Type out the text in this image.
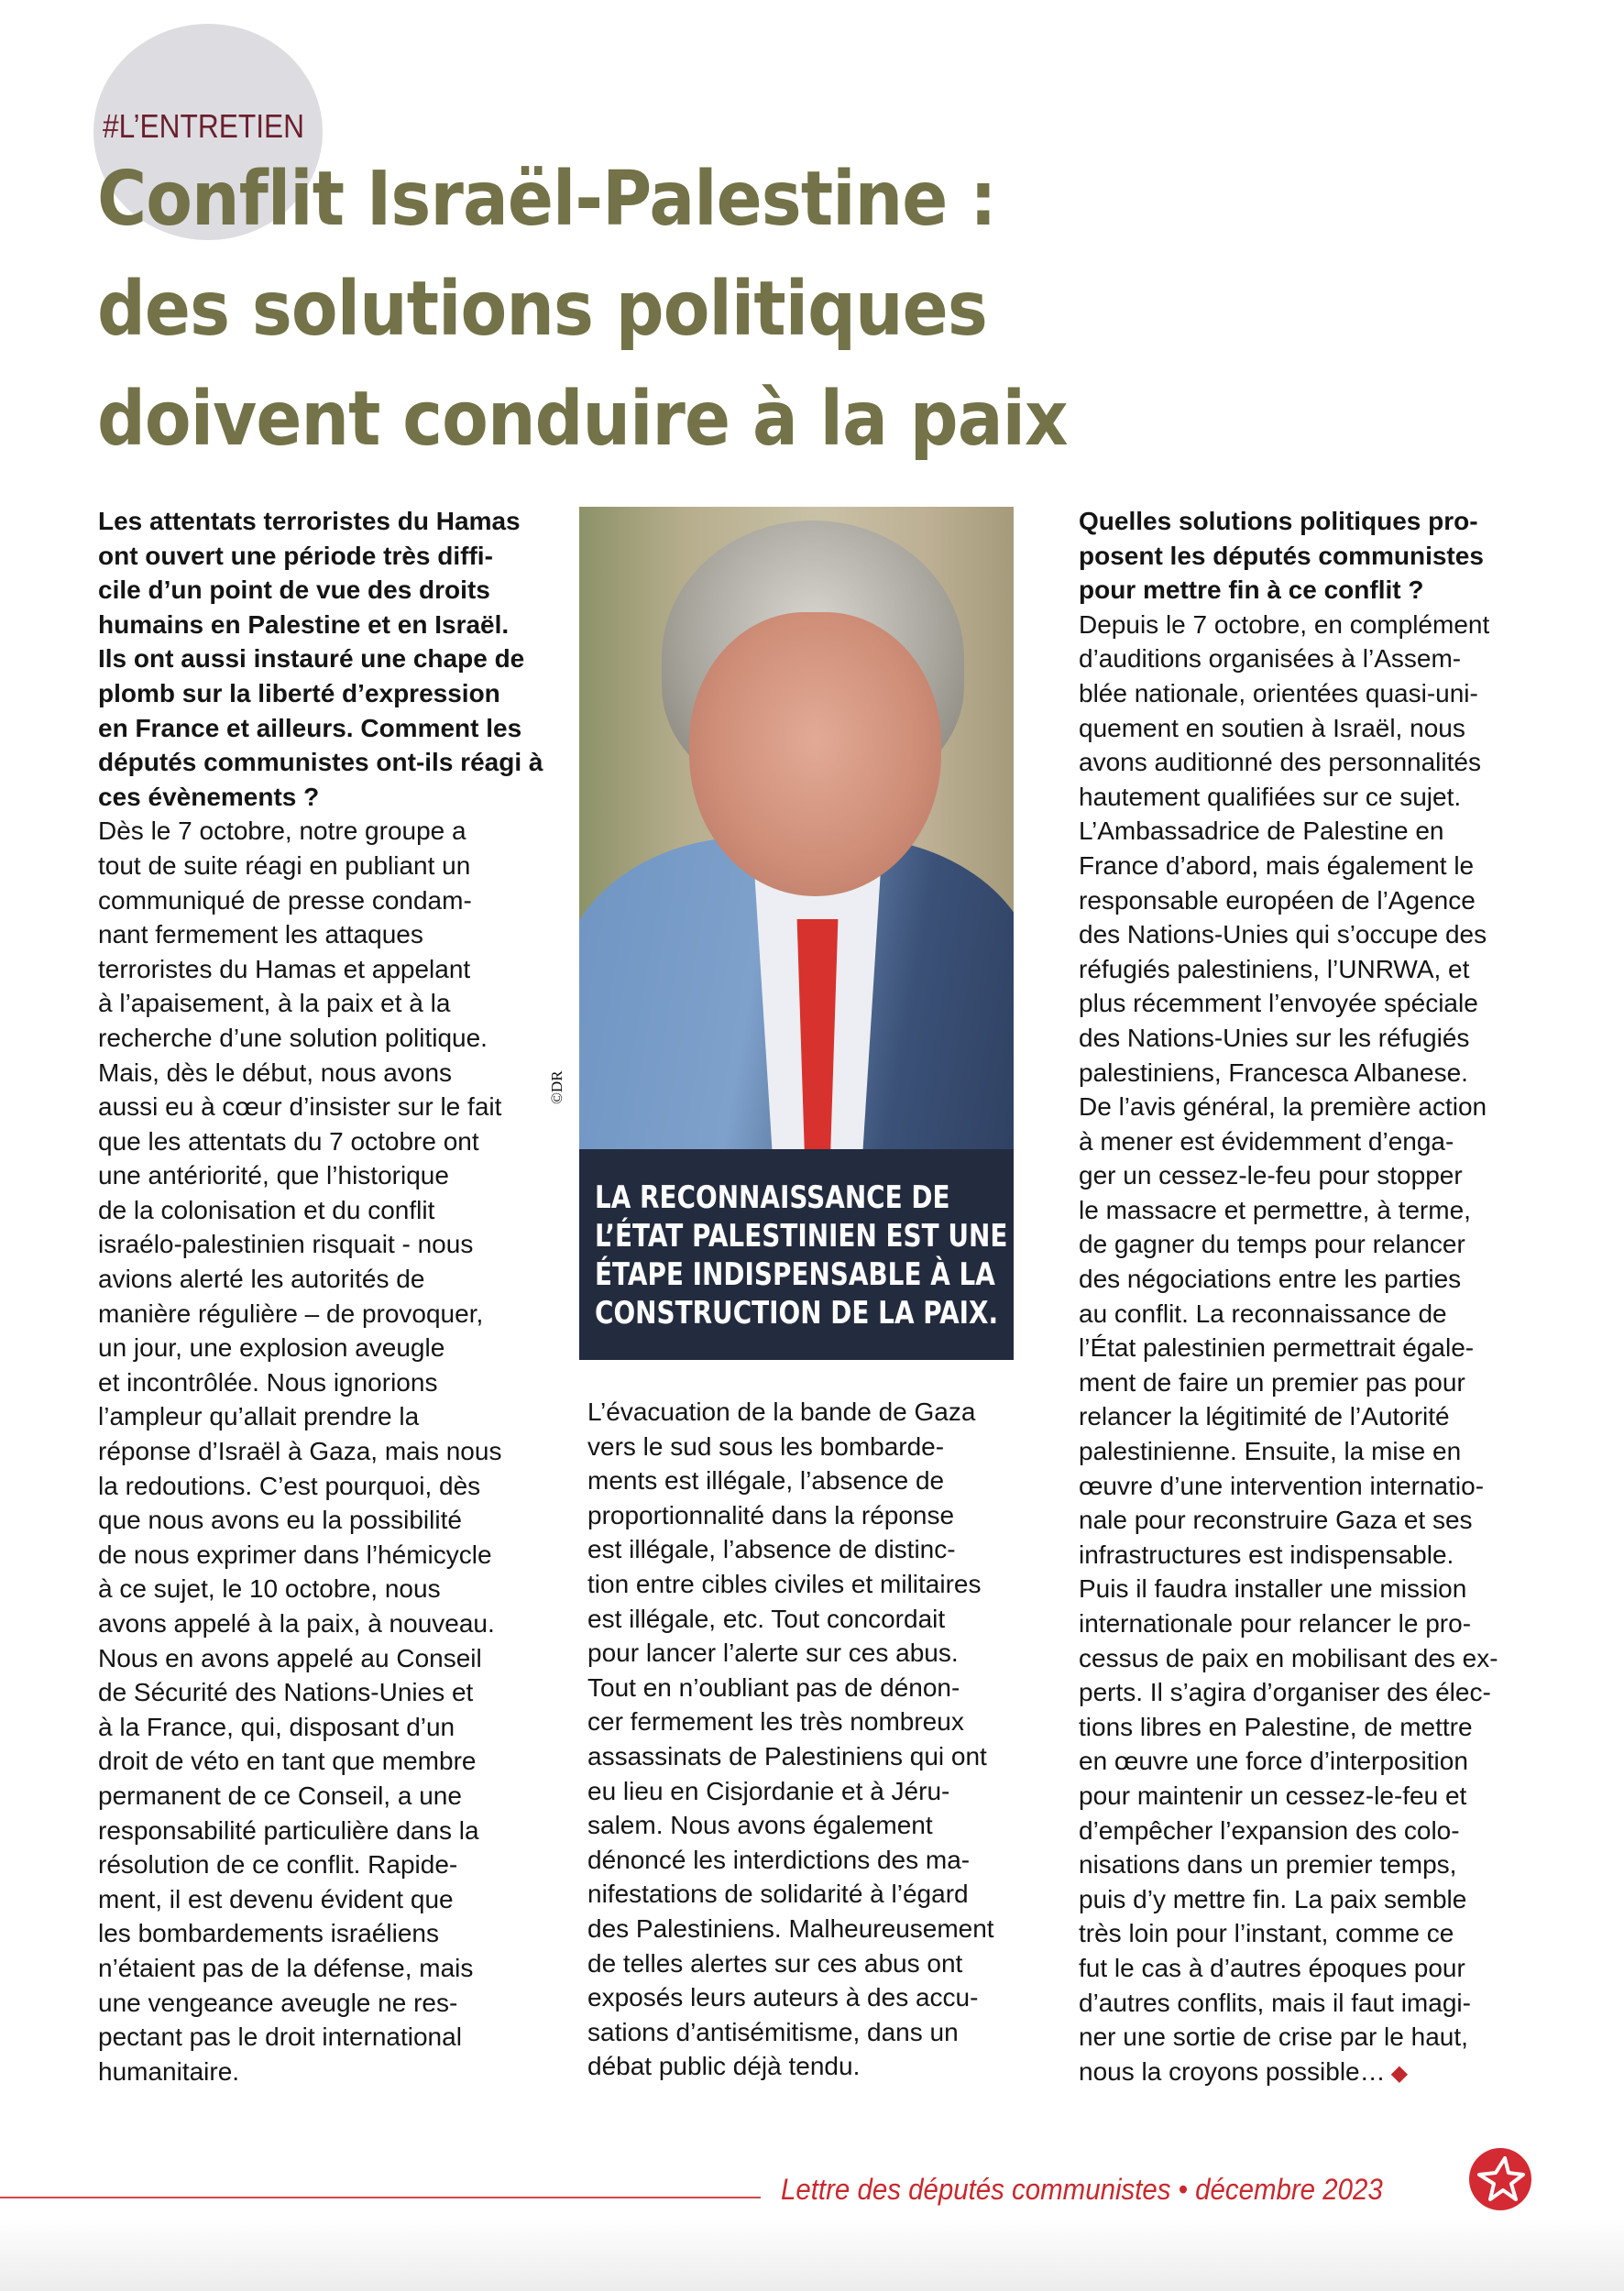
#L’ENTRETIEN
Conflit Israël-Palestine :
des solutions politiques
doivent conduire à la paix
Les attentats terroristes du Hamas
ont ouvert une période très diffi-
cile d’un point de vue des droits
humains en Palestine et en Israël.
Ils ont aussi instauré une chape de
plomb sur la liberté d’expression
en France et ailleurs. Comment les
députés communistes ont-ils réagi à
ces évènements ?
Dès le 7 octobre, notre groupe a
tout de suite réagi en publiant un
communiqué de presse condam-
nant fermement les attaques
terroristes du Hamas et appelant
à l’apaisement, à la paix et à la
recherche d’une solution politique.
Mais, dès le début, nous avons
aussi eu à cœur d’insister sur le fait
que les attentats du 7 octobre ont
une antériorité, que l’historique
de la colonisation et du conflit
israélo-palestinien risquait - nous
avions alerté les autorités de
manière régulière – de provoquer,
un jour, une explosion aveugle
et incontrôlée. Nous ignorions
l’ampleur qu’allait prendre la
réponse d’Israël à Gaza, mais nous
la redoutions. C’est pourquoi, dès
que nous avons eu la possibilité
de nous exprimer dans l’hémicycle
à ce sujet, le 10 octobre, nous
avons appelé à la paix, à nouveau.
Nous en avons appelé au Conseil
de Sécurité des Nations-Unies et
à la France, qui, disposant d’un
droit de véto en tant que membre
permanent de ce Conseil, a une
responsabilité particulière dans la
résolution de ce conflit. Rapide-
ment, il est devenu évident que
les bombardements israéliens
n’étaient pas de la défense, mais
une vengeance aveugle ne res-
pectant pas le droit international
humanitaire.
©DR
LA RECONNAISSANCE DE
L’ÉTAT PALESTINIEN EST UNE
ÉTAPE INDISPENSABLE À LA
CONSTRUCTION DE LA PAIX.
L’évacuation de la bande de Gaza
vers le sud sous les bombarde-
ments est illégale, l’absence de
proportionnalité dans la réponse
est illégale, l’absence de distinc-
tion entre cibles civiles et militaires
est illégale, etc. Tout concordait
pour lancer l’alerte sur ces abus.
Tout en n’oubliant pas de dénon-
cer fermement les très nombreux
assassinats de Palestiniens qui ont
eu lieu en Cisjordanie et à Jéru-
salem. Nous avons également
dénoncé les interdictions des ma-
nifestations de solidarité à l’égard
des Palestiniens. Malheureusement
de telles alertes sur ces abus ont
exposés leurs auteurs à des accu-
sations d’antisémitisme, dans un
débat public déjà tendu.
Quelles solutions politiques pro-
posent les députés communistes
pour mettre fin à ce conflit ?
Depuis le 7 octobre, en complément
d’auditions organisées à l’Assem-
blée nationale, orientées quasi-uni-
quement en soutien à Israël, nous
avons auditionné des personnalités
hautement qualifiées sur ce sujet.
L’Ambassadrice de Palestine en
France d’abord, mais également le
responsable européen de l’Agence
des Nations-Unies qui s’occupe des
réfugiés palestiniens, l’UNRWA, et
plus récemment l’envoyée spéciale
des Nations-Unies sur les réfugiés
palestiniens, Francesca Albanese.
De l’avis général, la première action
à mener est évidemment d’enga-
ger un cessez-le-feu pour stopper
le massacre et permettre, à terme,
de gagner du temps pour relancer
des négociations entre les parties
au conflit. La reconnaissance de
l’État palestinien permettrait égale-
ment de faire un premier pas pour
relancer la légitimité de l’Autorité
palestinienne. Ensuite, la mise en
œuvre d’une intervention internatio-
nale pour reconstruire Gaza et ses
infrastructures est indispensable.
Puis il faudra installer une mission
internationale pour relancer le pro-
cessus de paix en mobilisant des ex-
perts. Il s’agira d’organiser des élec-
tions libres en Palestine, de mettre
en œuvre une force d’interposition
pour maintenir un cessez-le-feu et
d’empêcher l’expansion des colo-
nisations dans un premier temps,
puis d’y mettre fin. La paix semble
très loin pour l’instant, comme ce
fut le cas à d’autres époques pour
d’autres conflits, mais il faut imagi-
ner une sortie de crise par le haut,
nous la croyons possible… ◆
Lettre des députés communistes • décembre 2023
